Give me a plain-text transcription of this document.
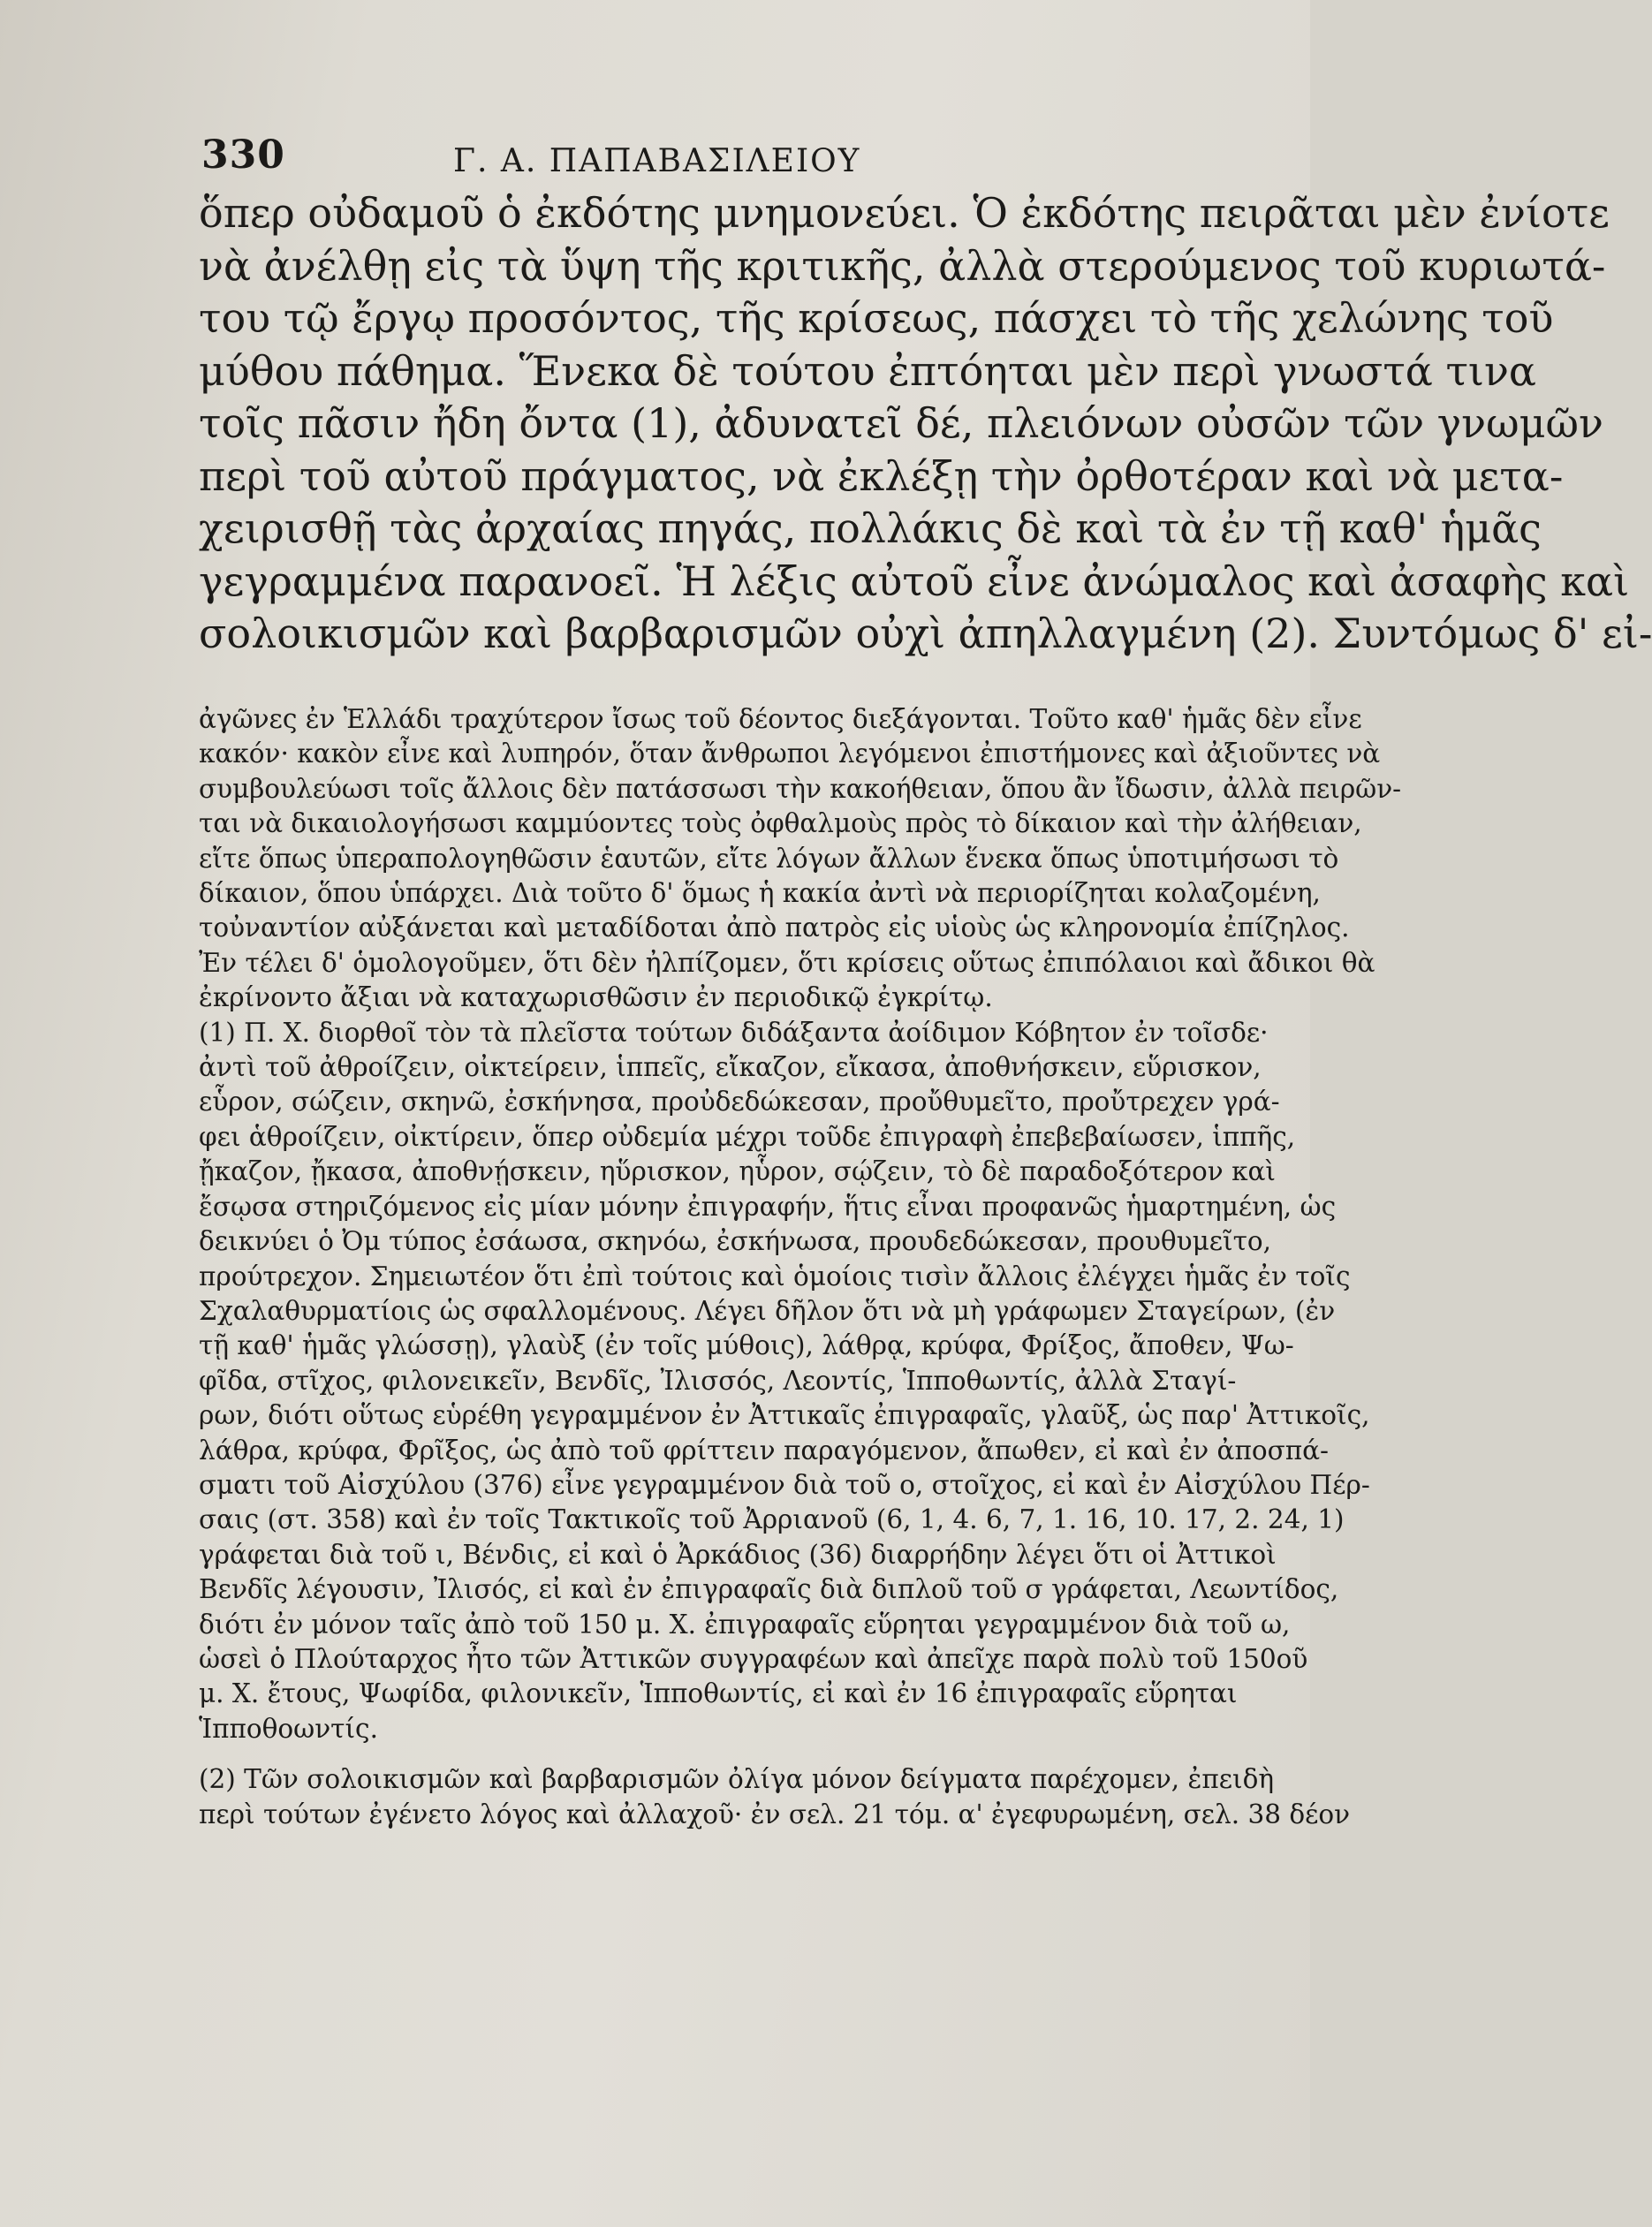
330	Γ. Α. ΠΑΠΑΒΑΣΙΛΕΙΟΥ
ὅπερ οὐδαμοῦ ὁ ἐκδότης μνημονεύει. Ὁ ἐκδότης πειρᾶται μὲν ἐνίοτε
νὰ ἀνέλθῃ εἰς τὰ ὕψη τῆς κριτικῆς, ἀλλὰ στερούμενος τοῦ κυριωτά-
του τῷ ἔργῳ προσόντος, τῆς κρίσεως, πάσχει τὸ τῆς χελώνης τοῦ
μύθου πάθημα. Ἕνεκα δὲ τούτου ἐπτόηται μὲν περὶ γνωστά τινα
τοῖς πᾶσιν ἤδη ὄντα (1), ἀδυνατεῖ δέ, πλειόνων οὐσῶν τῶν γνωμῶν
περὶ τοῦ αὐτοῦ πράγματος, νὰ ἐκλέξῃ τὴν ὀρθοτέραν καὶ νὰ μετα-
χειρισθῇ τὰς ἀρχαίας πηγάς, πολλάκις δὲ καὶ τὰ ἐν τῇ καθ' ἡμᾶς
γεγραμμένα παρανοεῖ. Ἡ λέξις αὐτοῦ εἶνε ἀνώμαλος καὶ ἀσαφὴς καὶ
σολοικισμῶν καὶ βαρβαρισμῶν οὐχὶ ἀπηλλαγμένη (2). Συντόμως δ' εἰ-
ἀγῶνες ἐν Ἑλλάδι τραχύτερον ἴσως τοῦ δέοντος διεξάγονται. Τοῦτο καθ' ἡμᾶς δὲν εἶνε
κακόν· κακὸν εἶνε καὶ λυπηρόν, ὅταν ἄνθρωποι λεγόμενοι ἐπιστήμονες καὶ ἀξιοῦντες νὰ
συμβουλεύωσι τοῖς ἄλλοις δὲν πατάσσωσι τὴν κακοήθειαν, ὅπου ἂν ἴδωσιν, ἀλλὰ πειρῶν-
ται νὰ δικαιολογήσωσι καμμύοντες τοὺς ὀφθαλμοὺς πρὸς τὸ δίκαιον καὶ τὴν ἀλήθειαν,
εἴτε ὅπως ὑπεραπολογηθῶσιν ἑαυτῶν, εἴτε λόγων ἄλλων ἕνεκα ὅπως ὑποτιμήσωσι τὸ
δίκαιον, ὅπου ὑπάρχει. Διὰ τοῦτο δ' ὅμως ἡ κακία ἀντὶ νὰ περιορίζηται κολαζομένη,
τοὐναντίον αὐξάνεται καὶ μεταδίδοται ἀπὸ πατρὸς εἰς υἱοὺς ὡς κληρονομία ἐπίζηλος.
Ἐν τέλει δ' ὁμολογοῦμεν, ὅτι δὲν ἠλπίζομεν, ὅτι κρίσεις οὕτως ἐπιπόλαιοι καὶ ἄδικοι θὰ
ἐκρίνοντο ἄξιαι νὰ καταχωρισθῶσιν ἐν περιοδικῷ ἐγκρίτῳ.
(1) Π. Χ. διορθοῖ τὸν τὰ πλεῖστα τούτων διδάξαντα ἀοίδιμον Κόβητον ἐν τοῖσδε·
ἀντὶ τοῦ ἀθροίζειν, οἰκτείρειν, ἱππεῖς, εἴκαζον, εἴκασα, ἀποθνήσκειν, εὕρισκον,
εὗρον, σώζειν, σκηνῶ, ἐσκήνησα, προὐδεδώκεσαν, προὔθυμεῖτο, προὔτρεχεν γρά-
φει ἁθροίζειν, οἰκτίρειν, ὅπερ οὐδεμία μέχρι τοῦδε ἐπιγραφὴ ἐπεβεβαίωσεν, ἱππῆς,
ᾔκαζον, ᾔκασα, ἀποθνῄσκειν, ηὕρισκον, ηὗρον, σῴζειν, τὸ δὲ παραδοξότερον καὶ
ἔσῳσα στηριζόμενος εἰς μίαν μόνην ἐπιγραφήν, ἥτις εἶναι προφανῶς ἡμαρτημένη, ὡς
δεικνύει ὁ Ὀμ τύπος ἐσάωσα, σκηνόω, ἐσκήνωσα, προυδεδώκεσαν, προυθυμεῖτο,
προύτρεχον. Σημειωτέον ὅτι ἐπὶ τούτοις καὶ ὁμοίοις τισὶν ἄλλοις ἐλέγχει ἡμᾶς ἐν τοῖς
Σχαλαθυρματίοις ὡς σφαλλομένους. Λέγει δῆλον ὅτι νὰ μὴ γράφωμεν Σταγείρων, (ἐν
τῇ καθ' ἡμᾶς γλώσσῃ), γλαὺξ (ἐν τοῖς μύθοις), λάθρᾳ, κρύφα, Φρίξος, ἄποθεν, Ψω-
φῖδα, στῖχος, φιλονεικεῖν, Βενδῖς, Ἰλισσός, Λεοντίς, Ἱπποθωντίς, ἀλλὰ Σταγί-
ρων, διότι οὕτως εὑρέθη γεγραμμένον ἐν Ἀττικαῖς ἐπιγραφαῖς, γλαῦξ, ὡς παρ' Ἀττικοῖς,
λάθρα, κρύφα, Φρῖξος, ὡς ἀπὸ τοῦ φρίττειν παραγόμενον, ἄπωθεν, εἰ καὶ ἐν ἀποσπά-
σματι τοῦ Αἰσχύλου (376) εἶνε γεγραμμένον διὰ τοῦ ο, στοῖχος, εἰ καὶ ἐν Αἰσχύλου Πέρ-
σαις (στ. 358) καὶ ἐν τοῖς Τακτικοῖς τοῦ Ἀρριανοῦ (6, 1, 4. 6, 7, 1. 16, 10. 17, 2. 24, 1)
γράφεται διὰ τοῦ ι, Βένδις, εἰ καὶ ὁ Ἀρκάδιος (36) διαρρήδην λέγει ὅτι οἱ Ἀττικοὶ
Βενδῖς λέγουσιν, Ἰλισός, εἰ καὶ ἐν ἐπιγραφαῖς διὰ διπλοῦ τοῦ σ γράφεται, Λεωντίδος,
διότι ἐν μόνον ταῖς ἀπὸ τοῦ 150 μ. Χ. ἐπιγραφαῖς εὕρηται γεγραμμένον διὰ τοῦ ω,
ὡσεὶ ὁ Πλούταρχος ἦτο τῶν Ἀττικῶν συγγραφέων καὶ ἀπεῖχε παρὰ πολὺ τοῦ 150οῦ
μ. Χ. ἔτους, Ψωφίδα, φιλονικεῖν, Ἱπποθωντίς, εἰ καὶ ἐν 16 ἐπιγραφαῖς εὕρηται
Ἱπποθοωντίς.
(2) Τῶν σολοικισμῶν καὶ βαρβαρισμῶν ὀλίγα μόνον δείγματα παρέχομεν, ἐπειδὴ
περὶ τούτων ἐγένετο λόγος καὶ ἀλλαχοῦ· ἐν σελ. 21 τόμ. α' ἐγεφυρωμένη, σελ. 38 δέον
